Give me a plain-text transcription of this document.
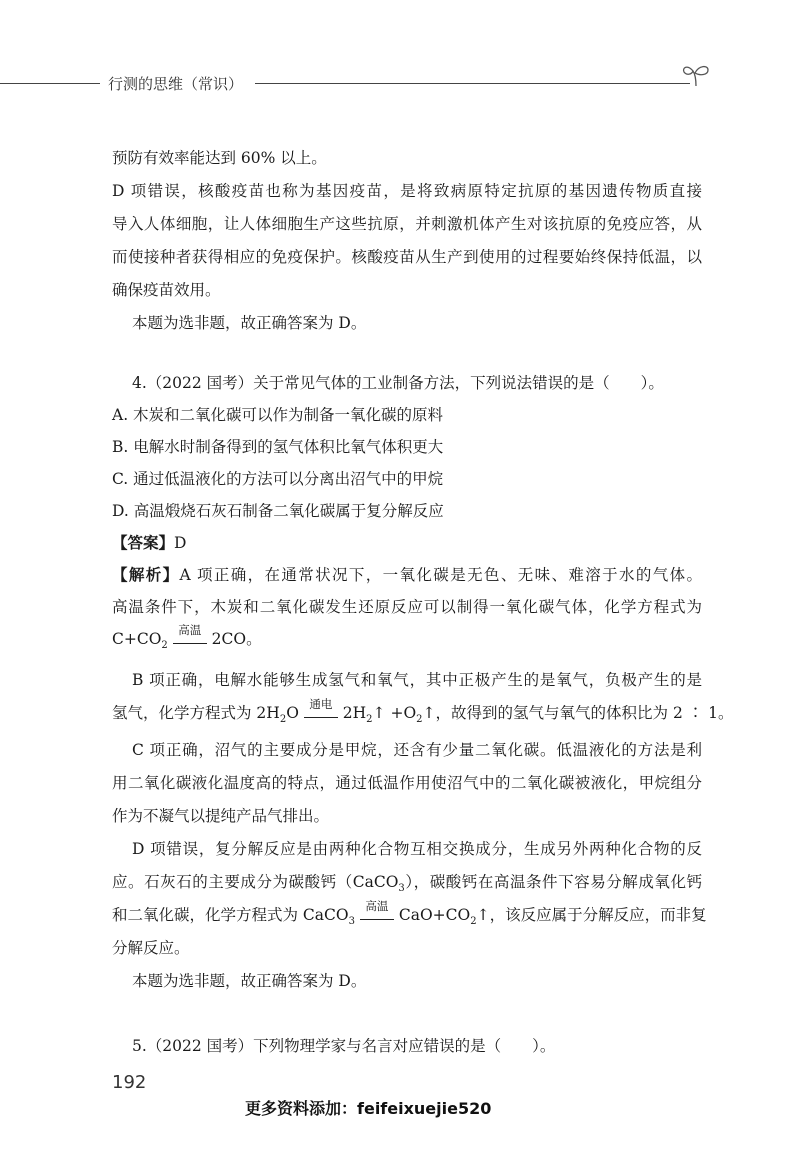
行测的思维（常识）
预防有效率能达到 60% 以上。
D 项错误，核酸疫苗也称为基因疫苗，是将致病原特定抗原的基因遗传物质直接
导入人体细胞，让人体细胞生产这些抗原，并刺激机体产生对该抗原的免疫应答，从
而使接种者获得相应的免疫保护。核酸疫苗从生产到使用的过程要始终保持低温，以
确保疫苗效用。
本题为选非题，故正确答案为 D。
4.（2022 国考）关于常见气体的工业制备方法，下列说法错误的是（　　）。
A. 木炭和二氧化碳可以作为制备一氧化碳的原料
B. 电解水时制备得到的氢气体积比氧气体积更大
C. 通过低温液化的方法可以分离出沼气中的甲烷
D. 高温煅烧石灰石制备二氧化碳属于复分解反应
【答案】D
【解析】A 项正确，在通常状况下，一氧化碳是无色、无味、难溶于水的气体。
高温条件下，木炭和二氧化碳发生还原反应可以制得一氧化碳气体，化学方程式为
$C+CO_2$
高温 2CO。
B 项正确，电解水能够生成氢气和氧气，其中正极产生的是氧气，负极产生的是
氢气，化学方程式为 $2H_2O$ 通电 $2H_2↑$ $+O_2↑$，故得到的氢气与氧气的体积比为 2 ∶ 1。
C 项正确，沼气的主要成分是甲烷，还含有少量二氧化碳。低温液化的方法是利
用二氧化碳液化温度高的特点，通过低温作用使沼气中的二氧化碳被液化，甲烷组分
作为不凝气以提纯产品气排出。
D 项错误，复分解反应是由两种化合物互相交换成分，生成另外两种化合物的反
应。石灰石的主要成分为碳酸钙（CaCO$_3$），碳酸钙在高温条件下容易分解成氧化钙
和二氧化碳，化学方程式为 CaCO$_3$
高温 $CaO+CO_2↑$，该反应属于分解反应，而非复
分解反应。
本题为选非题，故正确答案为 D。
5.（2022 国考）下列物理学家与名言对应错误的是（　　）。
192
更多资料添加：feifeixuejie520
